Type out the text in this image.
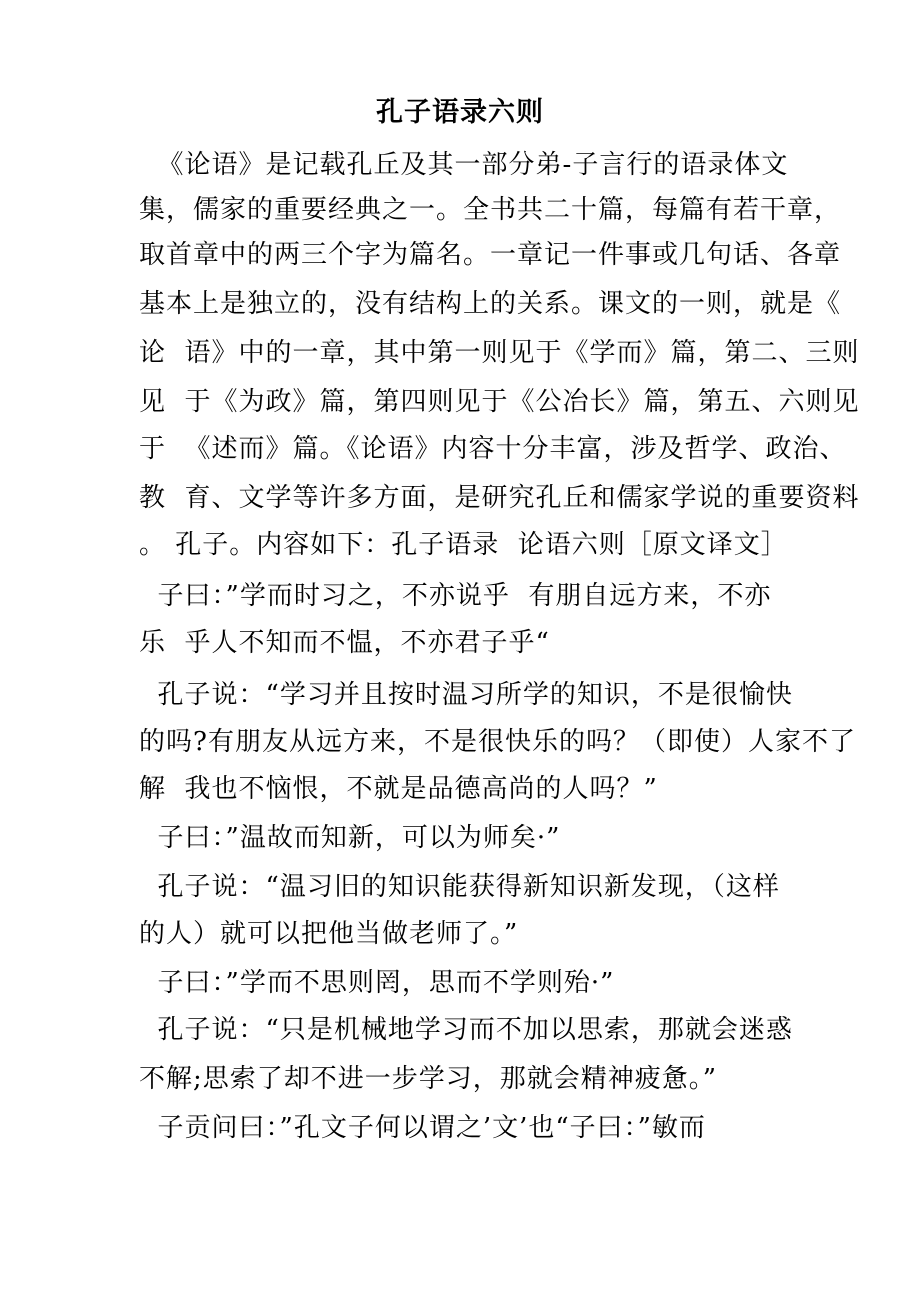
孔子语录六则
《论语》是记载孔丘及其一部分弟-子言行的语录体文
集，儒家的重要经典之一。全书共二十篇，每篇有若干章，
取首章中的两三个字为篇名。一章记一件事或几句话、各章
基本上是独立的，没有结构上的关系。课文的一则，就是《
论  语》中的一章，其中第一则见于《学而》篇，第二、三则
见  于《为政》篇，第四则见于《公冶长》篇，第五、六则见
于  《述而》篇。《论语》内容十分丰富，涉及哲学、政治、
教  育、文学等许多方面，是研究孔丘和儒家学说的重要资料
。 孔子。内容如下：孔子语录  论语六则［原文译文］
子曰：”学而时习之，不亦说乎  有朋自远方来，不亦
乐  乎人不知而不愠，不亦君子乎“
孔子说：“学习并且按时温习所学的知识，不是很愉快
的吗?有朋友从远方来，不是很快乐的吗？（即使）人家不了
解  我也不恼恨，不就是品德高尚的人吗？”
子曰：”温故而知新，可以为师矣·”
孔子说：“温习旧的知识能获得新知识新发现，（这样
的人）就可以把他当做老师了。”
子曰：”学而不思则罔，思而不学则殆·”
孔子说：“只是机械地学习而不加以思索，那就会迷惑
不解;思索了却不进一步学习，那就会精神疲惫。”
子贡问曰：”孔文子何以谓之’文’也“子曰：”敏而
